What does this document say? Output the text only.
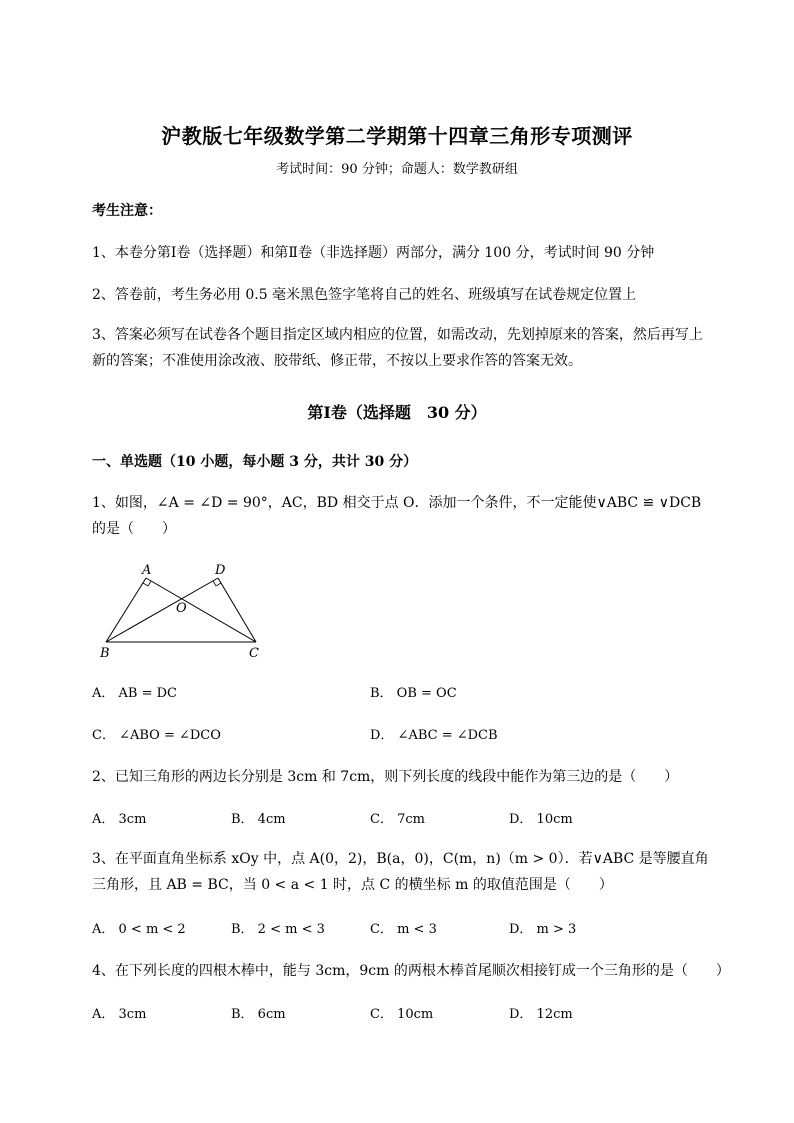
沪教版七年级数学第二学期第十四章三角形专项测评
考试时间：90 分钟；命题人：数学教研组
考生注意：
1、本卷分第Ⅰ卷（选择题）和第Ⅱ卷（非选择题）两部分，满分 100 分，考试时间 90 分钟
2、答卷前，考生务必用 0.5 毫米黑色签字笔将自己的姓名、班级填写在试卷规定位置上
3、答案必须写在试卷各个题目指定区域内相应的位置，如需改动，先划掉原来的答案，然后再写上新的答案；不准使用涂改液、胶带纸、修正带，不按以上要求作答的答案无效。
第Ⅰ卷（选择题　30 分）
一、单选题（10 小题，每小题 3 分，共计 30 分）
1、如图，∠A = ∠D = 90°，AC，BD 相交于点 O．添加一个条件，不一定能使∨ABC ≌ ∨DCB 的是（　　）
A	D
O
B	C
A． AB = DC	B． OB = OC
C． ∠ABO = ∠DCO	D． ∠ABC = ∠DCB
2、已知三角形的两边长分别是 3cm 和 7cm，则下列长度的线段中能作为第三边的是（　　）
A． 3cm	B． 4cm	C． 7cm	D． 10cm
3、在平面直角坐标系 xOy 中，点 A(0，2)，B(a，0)，C(m，n)（m > 0）．若∨ABC 是等腰直角三角形，且 AB = BC，当 0 < a < 1 时，点 C 的横坐标 m 的取值范围是（　　）
A． 0 < m < 2	B． 2 < m < 3	C． m < 3	D． m > 3
4、在下列长度的四根木棒中，能与 3cm，9cm 的两根木棒首尾顺次相接钉成一个三角形的是（　　）
A． 3cm	B． 6cm	C． 10cm	D． 12cm
